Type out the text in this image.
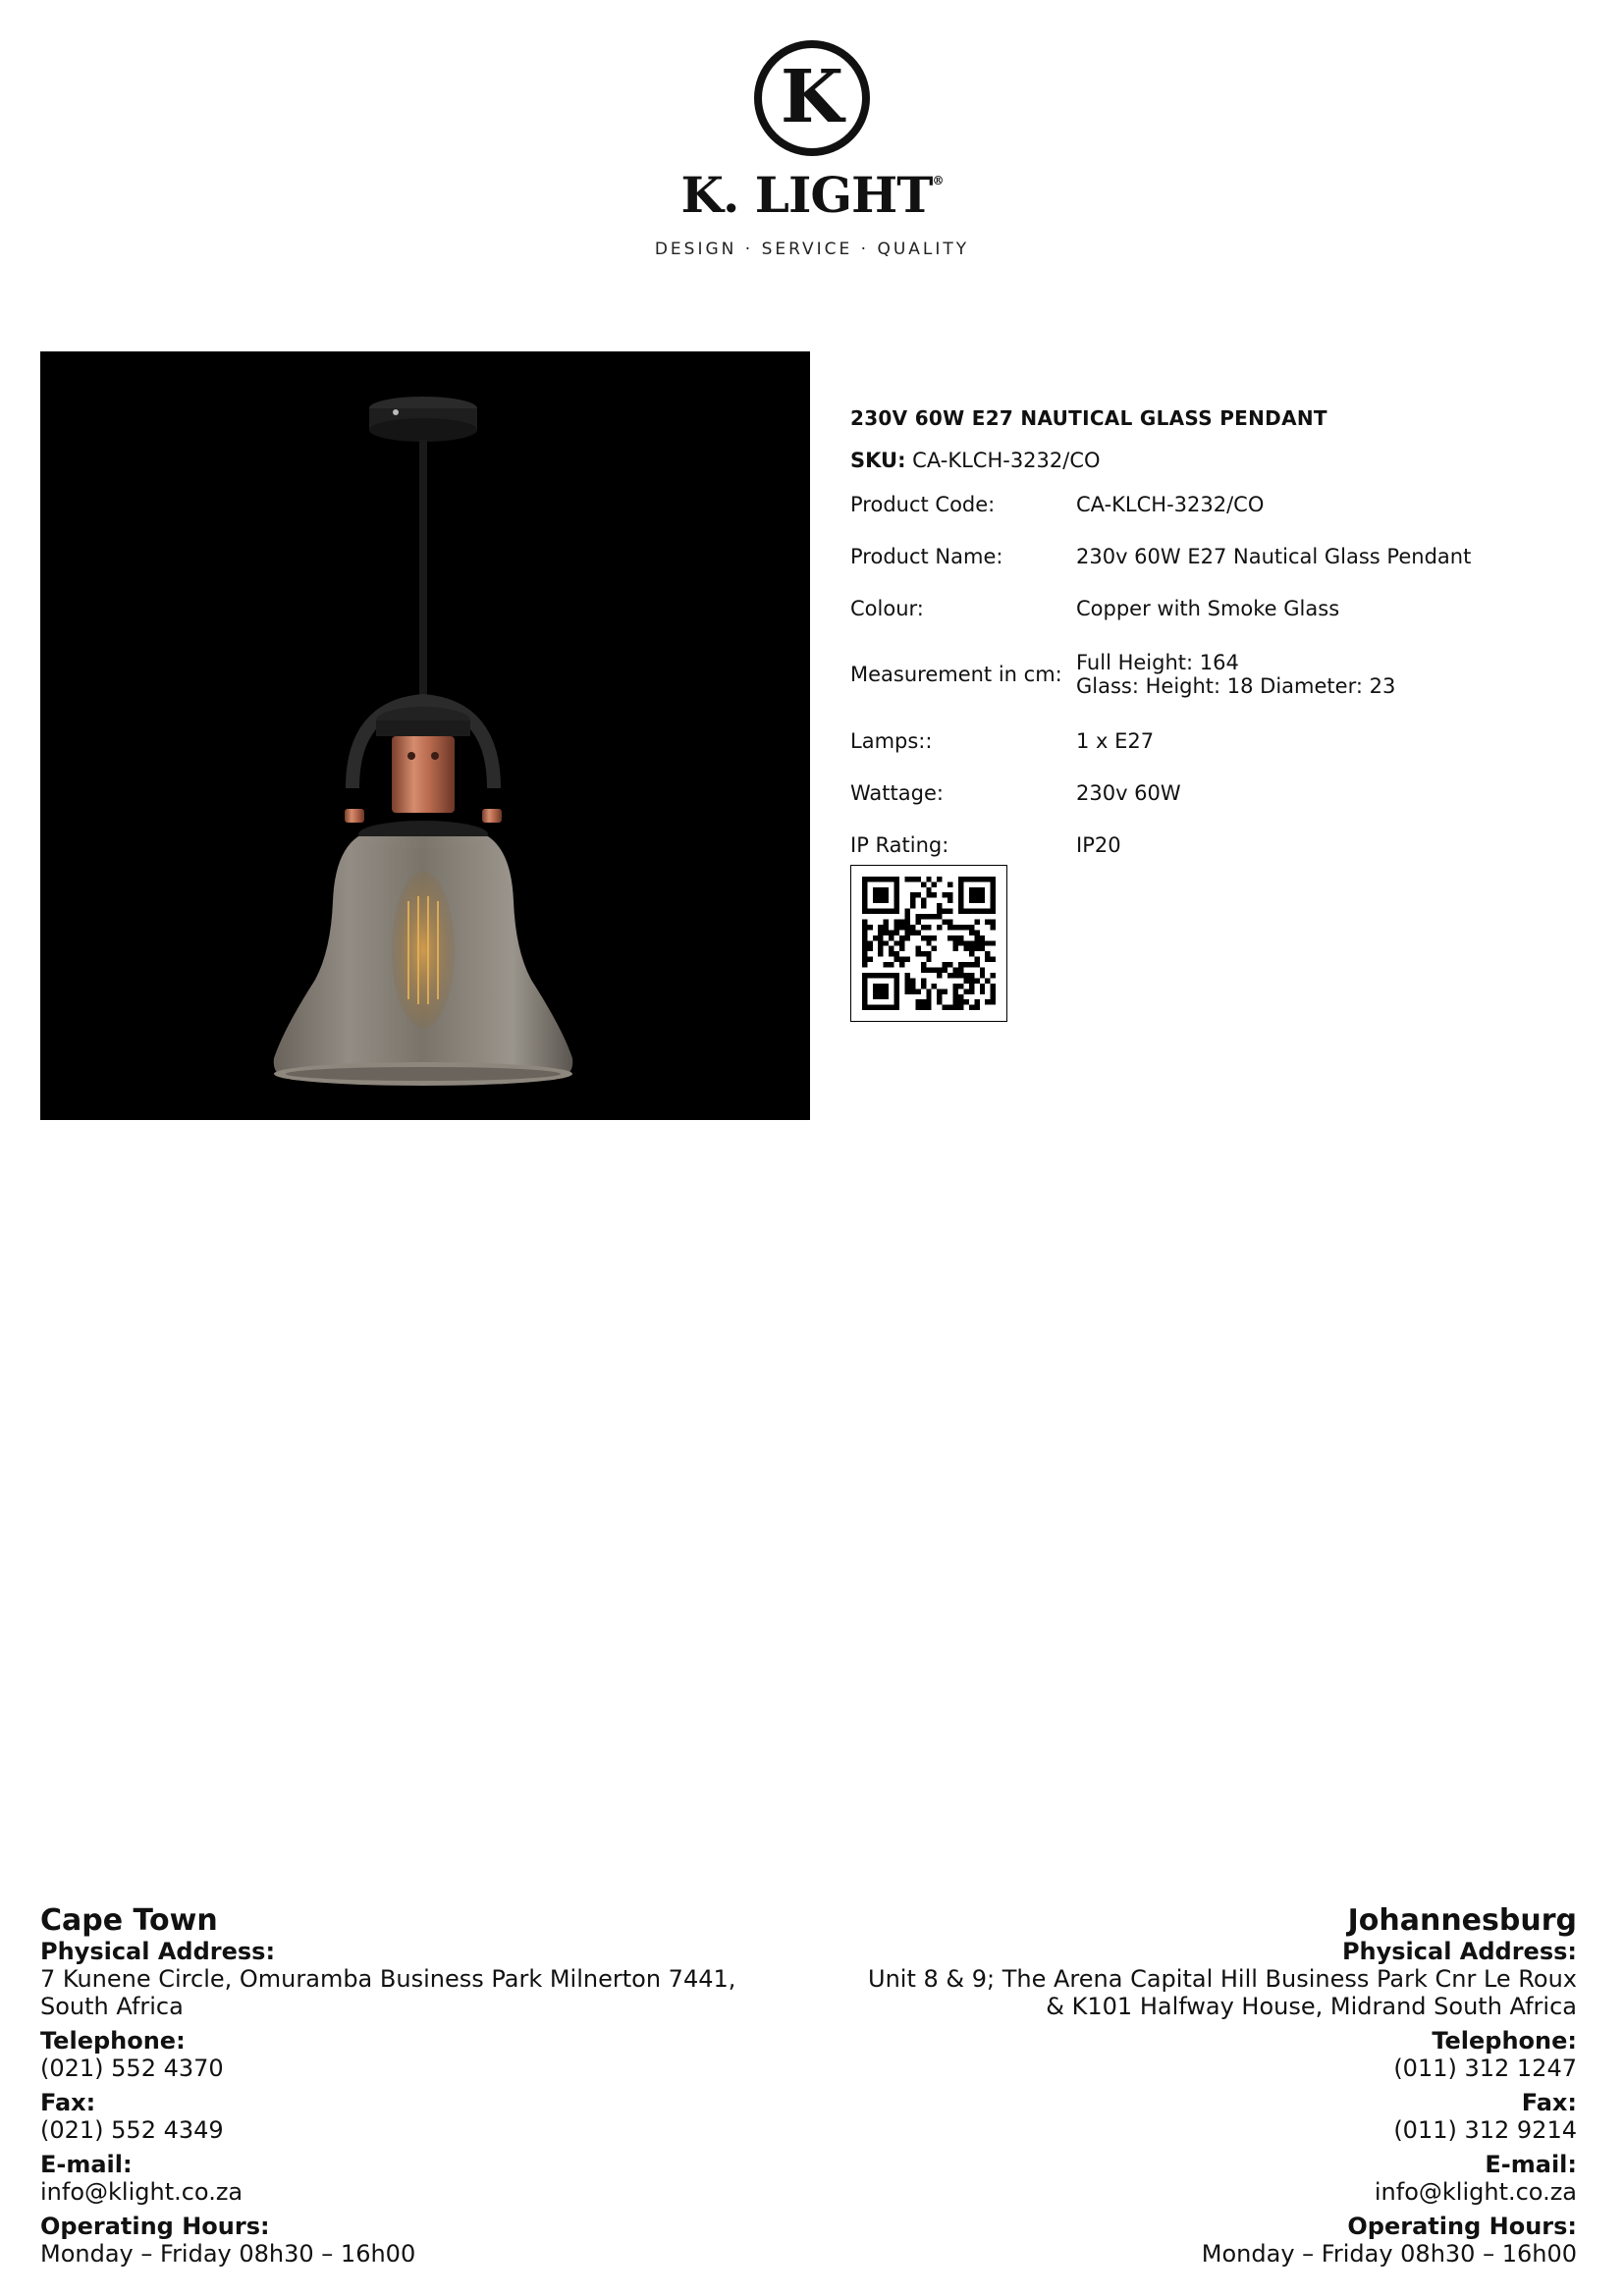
K
K. LIGHT®
DESIGN · SERVICE · QUALITY
230V 60W E27 NAUTICAL GLASS PENDANT
SKU: CA-KLCH-3232/CO
Product Code:	CA-KLCH-3232/CO
Product Name:	230v 60W E27 Nautical Glass Pendant
Colour:	Copper with Smoke Glass
Measurement in cm:	Full Height: 164
Glass: Height: 18 Diameter: 23

Lamps::	1 x E27
Wattage:	230v 60W
IP Rating:	IP20
Cape Town
Physical Address:
7 Kunene Circle, Omuramba Business Park Milnerton 7441,
South Africa
Telephone:
(021) 552 4370
Fax:
(021) 552 4349
E-mail:
info@klight.co.za
Operating Hours:
Monday – Friday 08h30 – 16h00
Johannesburg
Physical Address:
Unit 8 & 9; The Arena Capital Hill Business Park Cnr Le Roux
& K101 Halfway House, Midrand South Africa
Telephone:
(011) 312 1247
Fax:
(011) 312 9214
E-mail:
info@klight.co.za
Operating Hours:
Monday – Friday 08h30 – 16h00
